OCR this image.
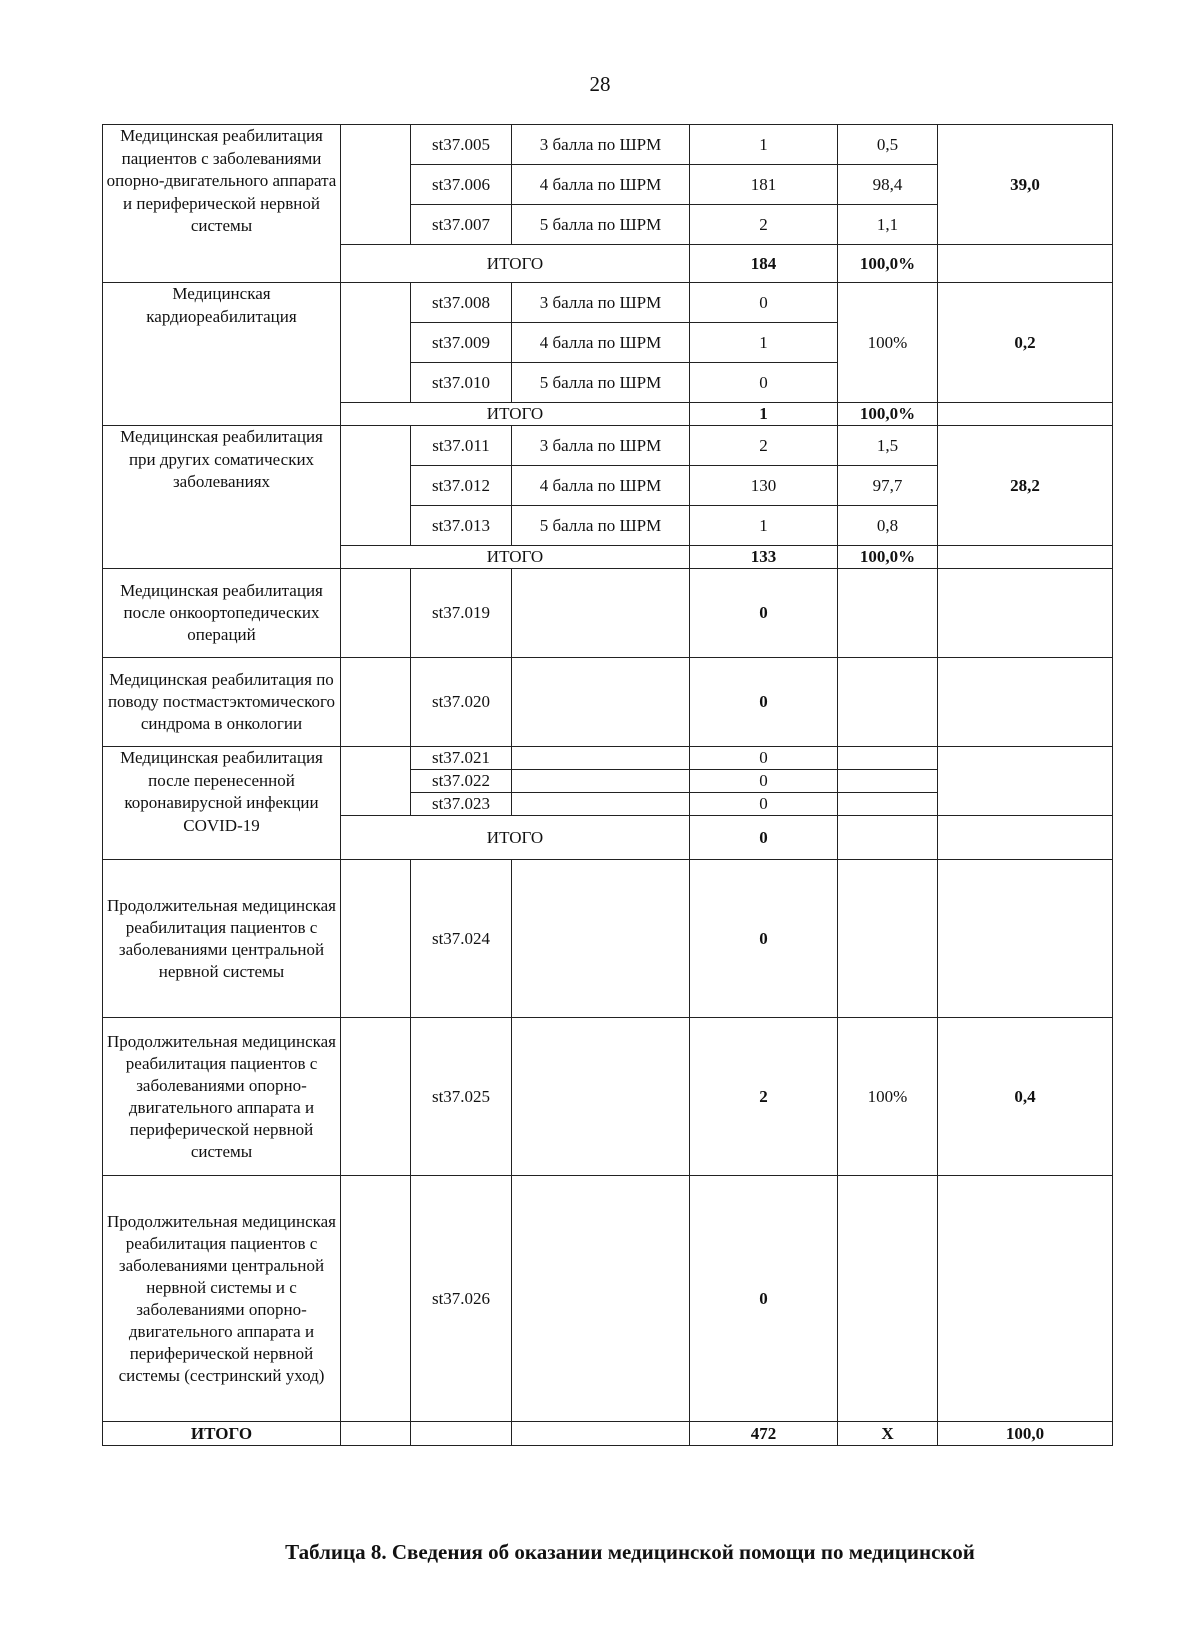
28
Медицинская реабилитация пациентов с заболеваниями опорно-двигательного аппарата и периферической нервной системы		st37.005	3 балла по ШРМ	1	0,5	39,0
		st37.006	4 балла по ШРМ	181	98,4	
		st37.007	5 балла по ШРМ	2	1,1	
	ИТОГО			184	100,0%	
Медицинская кардиореабилитация		st37.008	3 балла по ШРМ	0	100%	0,2
		st37.009	4 балла по ШРМ	1		
		st37.010	5 балла по ШРМ	0		
	ИТОГО			1	100,0%	
Медицинская реабилитация при других соматических заболеваниях		st37.011	3 балла по ШРМ	2	1,5	28,2
		st37.012	4 балла по ШРМ	130	97,7	
		st37.013	5 балла по ШРМ	1	0,8	
	ИТОГО			133	100,0%	
Медицинская реабилитация после онкоортопедических операций		st37.019		0		
Медицинская реабилитация по поводу постмастэктомического синдрома в онкологии		st37.020		0		
Медицинская реабилитация после перенесенной коронавирусной инфекции COVID-19		st37.021		0		
		st37.022		0		
		st37.023		0		
	ИТОГО			0		
Продолжительная медицинская реабилитация пациентов с заболеваниями центральной нервной системы		st37.024		0		
Продолжительная медицинская реабилитация пациентов с заболеваниями опорно-двигательного аппарата и периферической нервной системы		st37.025		2	100%	0,4
Продолжительная медицинская реабилитация пациентов с заболеваниями центральной нервной системы и с заболеваниями опорно-двигательного аппарата и периферической нервной системы (сестринский уход)		st37.026		0		
ИТОГО				472	Х	100,0
Таблица 8. Сведения об оказании медицинской помощи по медицинской
